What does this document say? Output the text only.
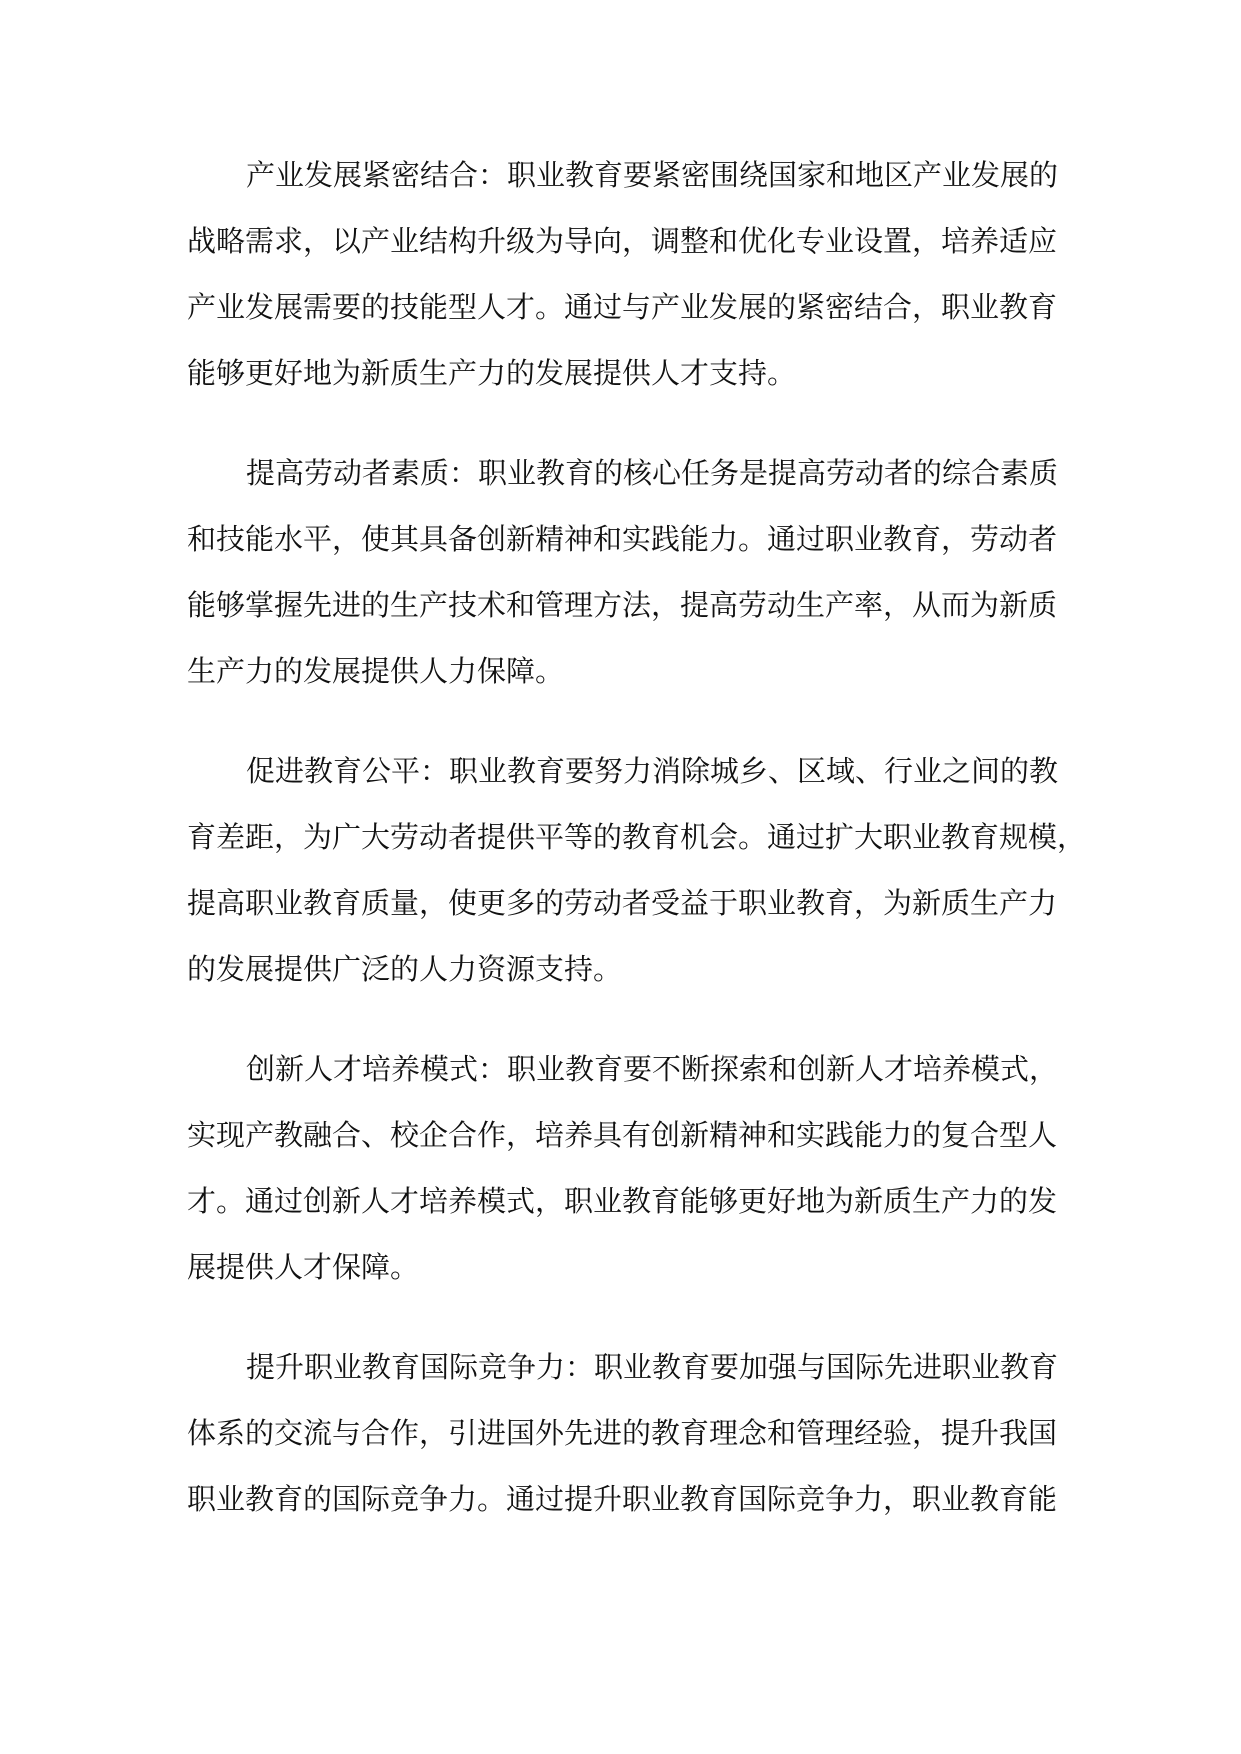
产业发展紧密结合：职业教育要紧密围绕国家和地区产业发展的
战略需求，以产业结构升级为导向，调整和优化专业设置，培养适应
产业发展需要的技能型人才。通过与产业发展的紧密结合，职业教育
能够更好地为新质生产力的发展提供人才支持。
提高劳动者素质：职业教育的核心任务是提高劳动者的综合素质
和技能水平，使其具备创新精神和实践能力。通过职业教育，劳动者
能够掌握先进的生产技术和管理方法，提高劳动生产率，从而为新质
生产力的发展提供人力保障。
促进教育公平：职业教育要努力消除城乡、区域、行业之间的教
育差距，为广大劳动者提供平等的教育机会。通过扩大职业教育规模，
提高职业教育质量，使更多的劳动者受益于职业教育，为新质生产力
的发展提供广泛的人力资源支持。
创新人才培养模式：职业教育要不断探索和创新人才培养模式，
实现产教融合、校企合作，培养具有创新精神和实践能力的复合型人
才。通过创新人才培养模式，职业教育能够更好地为新质生产力的发
展提供人才保障。
提升职业教育国际竞争力：职业教育要加强与国际先进职业教育
体系的交流与合作，引进国外先进的教育理念和管理经验，提升我国
职业教育的国际竞争力。通过提升职业教育国际竞争力，职业教育能
